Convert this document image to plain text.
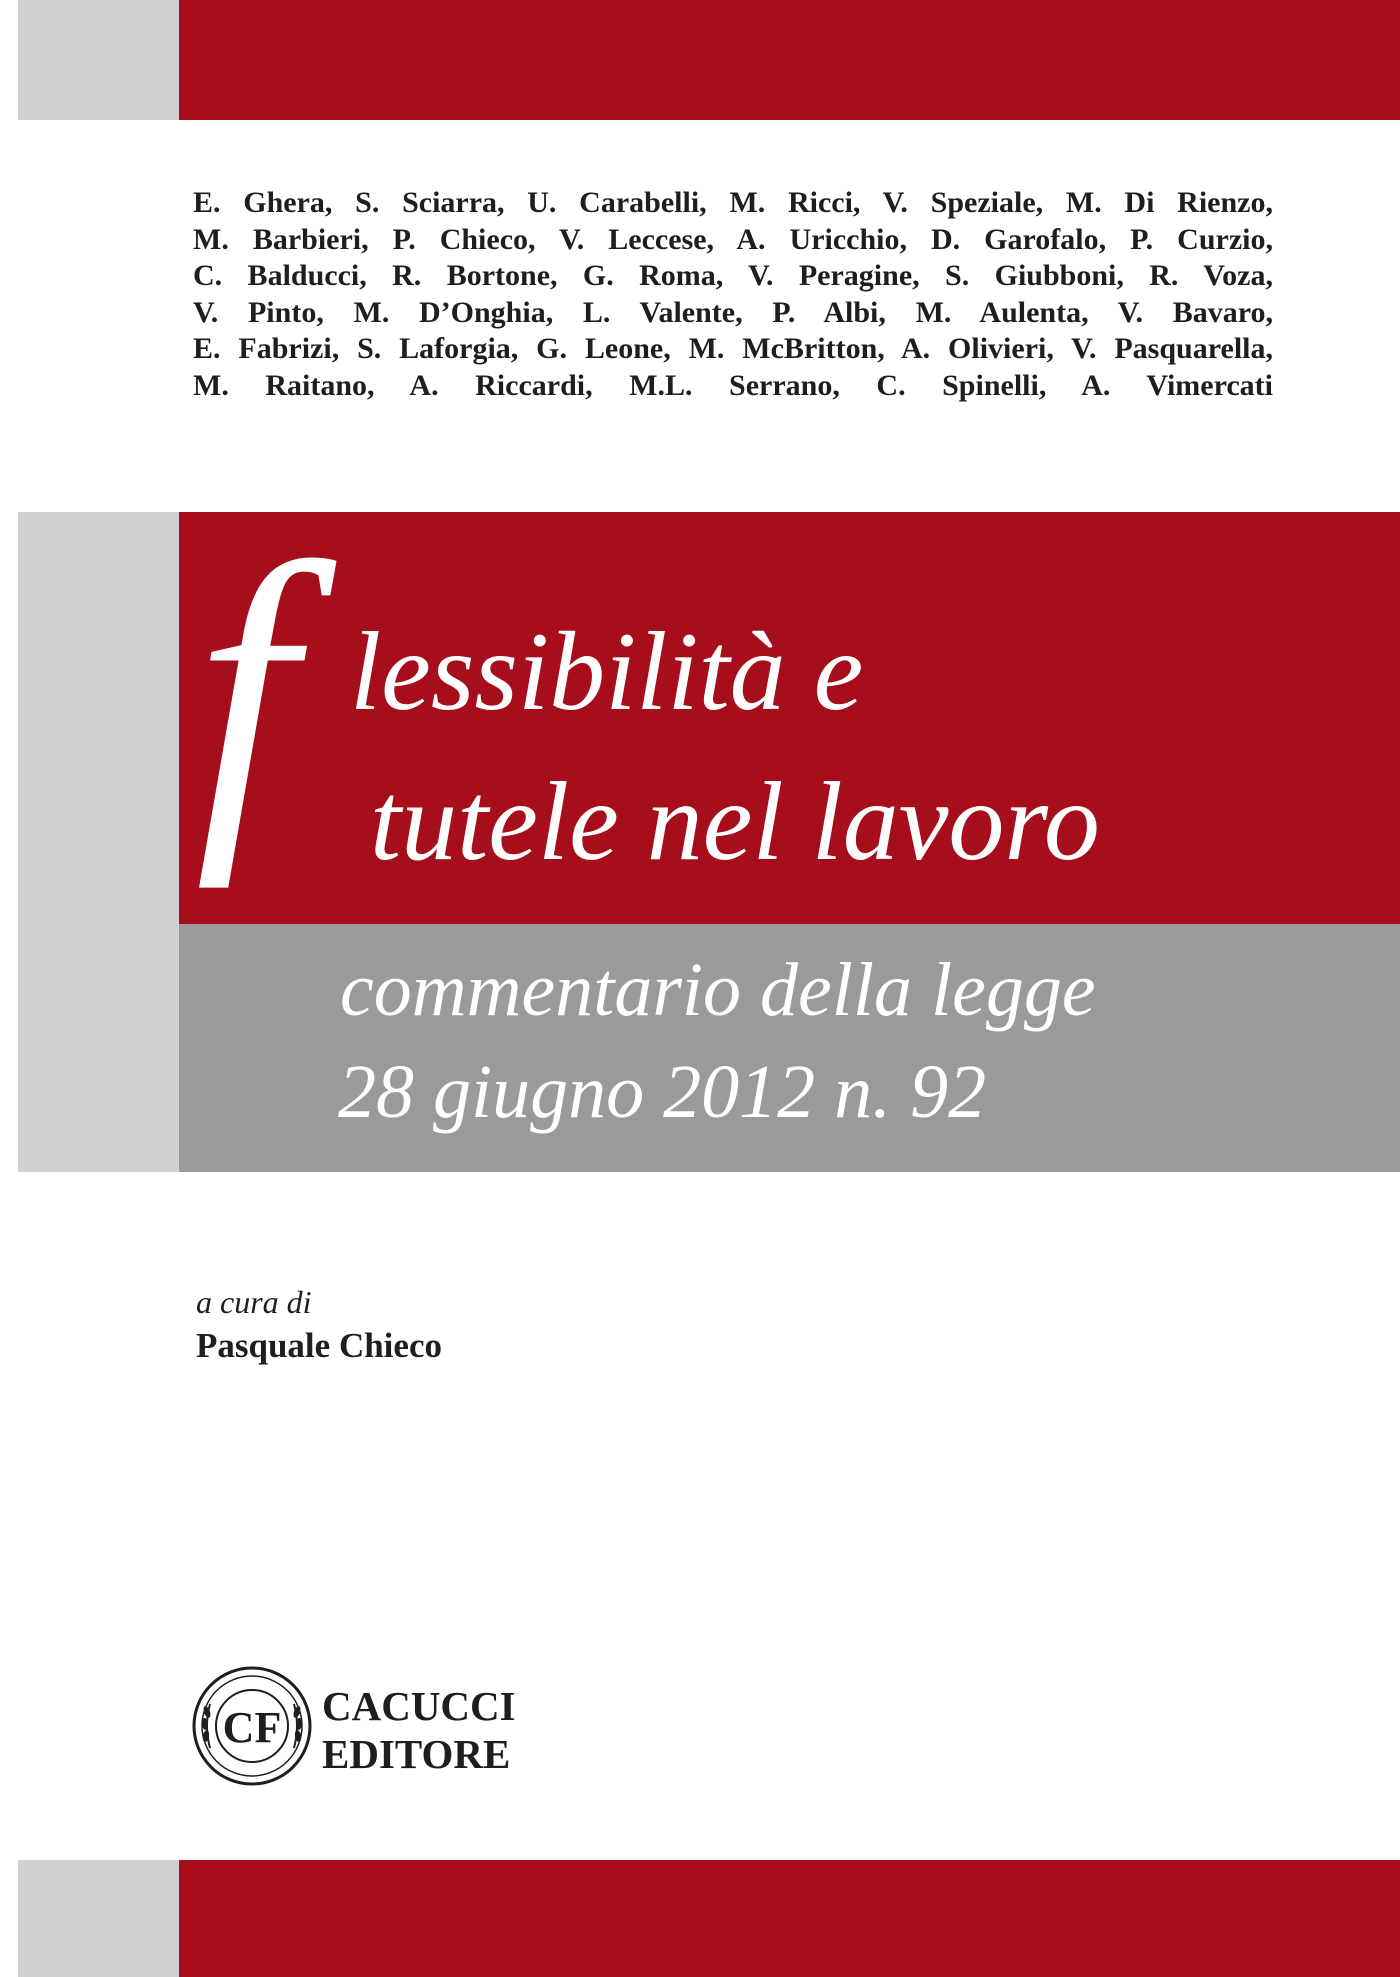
E. Ghera, S. Sciarra, U. Carabelli, M. Ricci, V. Speziale, M. Di Rienzo,
M. Barbieri, P. Chieco, V. Leccese, A. Uricchio, D. Garofalo, P. Curzio,
C. Balducci, R. Bortone, G. Roma, V. Peragine, S. Giubboni, R. Voza,
V. Pinto, M. D’Onghia, L. Valente, P. Albi, M. Aulenta, V. Bavaro,
E. Fabrizi, S. Laforgia, G. Leone, M. McBritton, A. Olivieri, V. Pasquarella,
M. Raitano, A. Riccardi, M.L. Serrano, C. Spinelli, A. Vimercati
f lessibilità e
tutele nel lavoro
commentario della legge
28 giugno 2012 n. 92
a cura di
Pasquale Chieco
CF CACUCCI
EDITORE
